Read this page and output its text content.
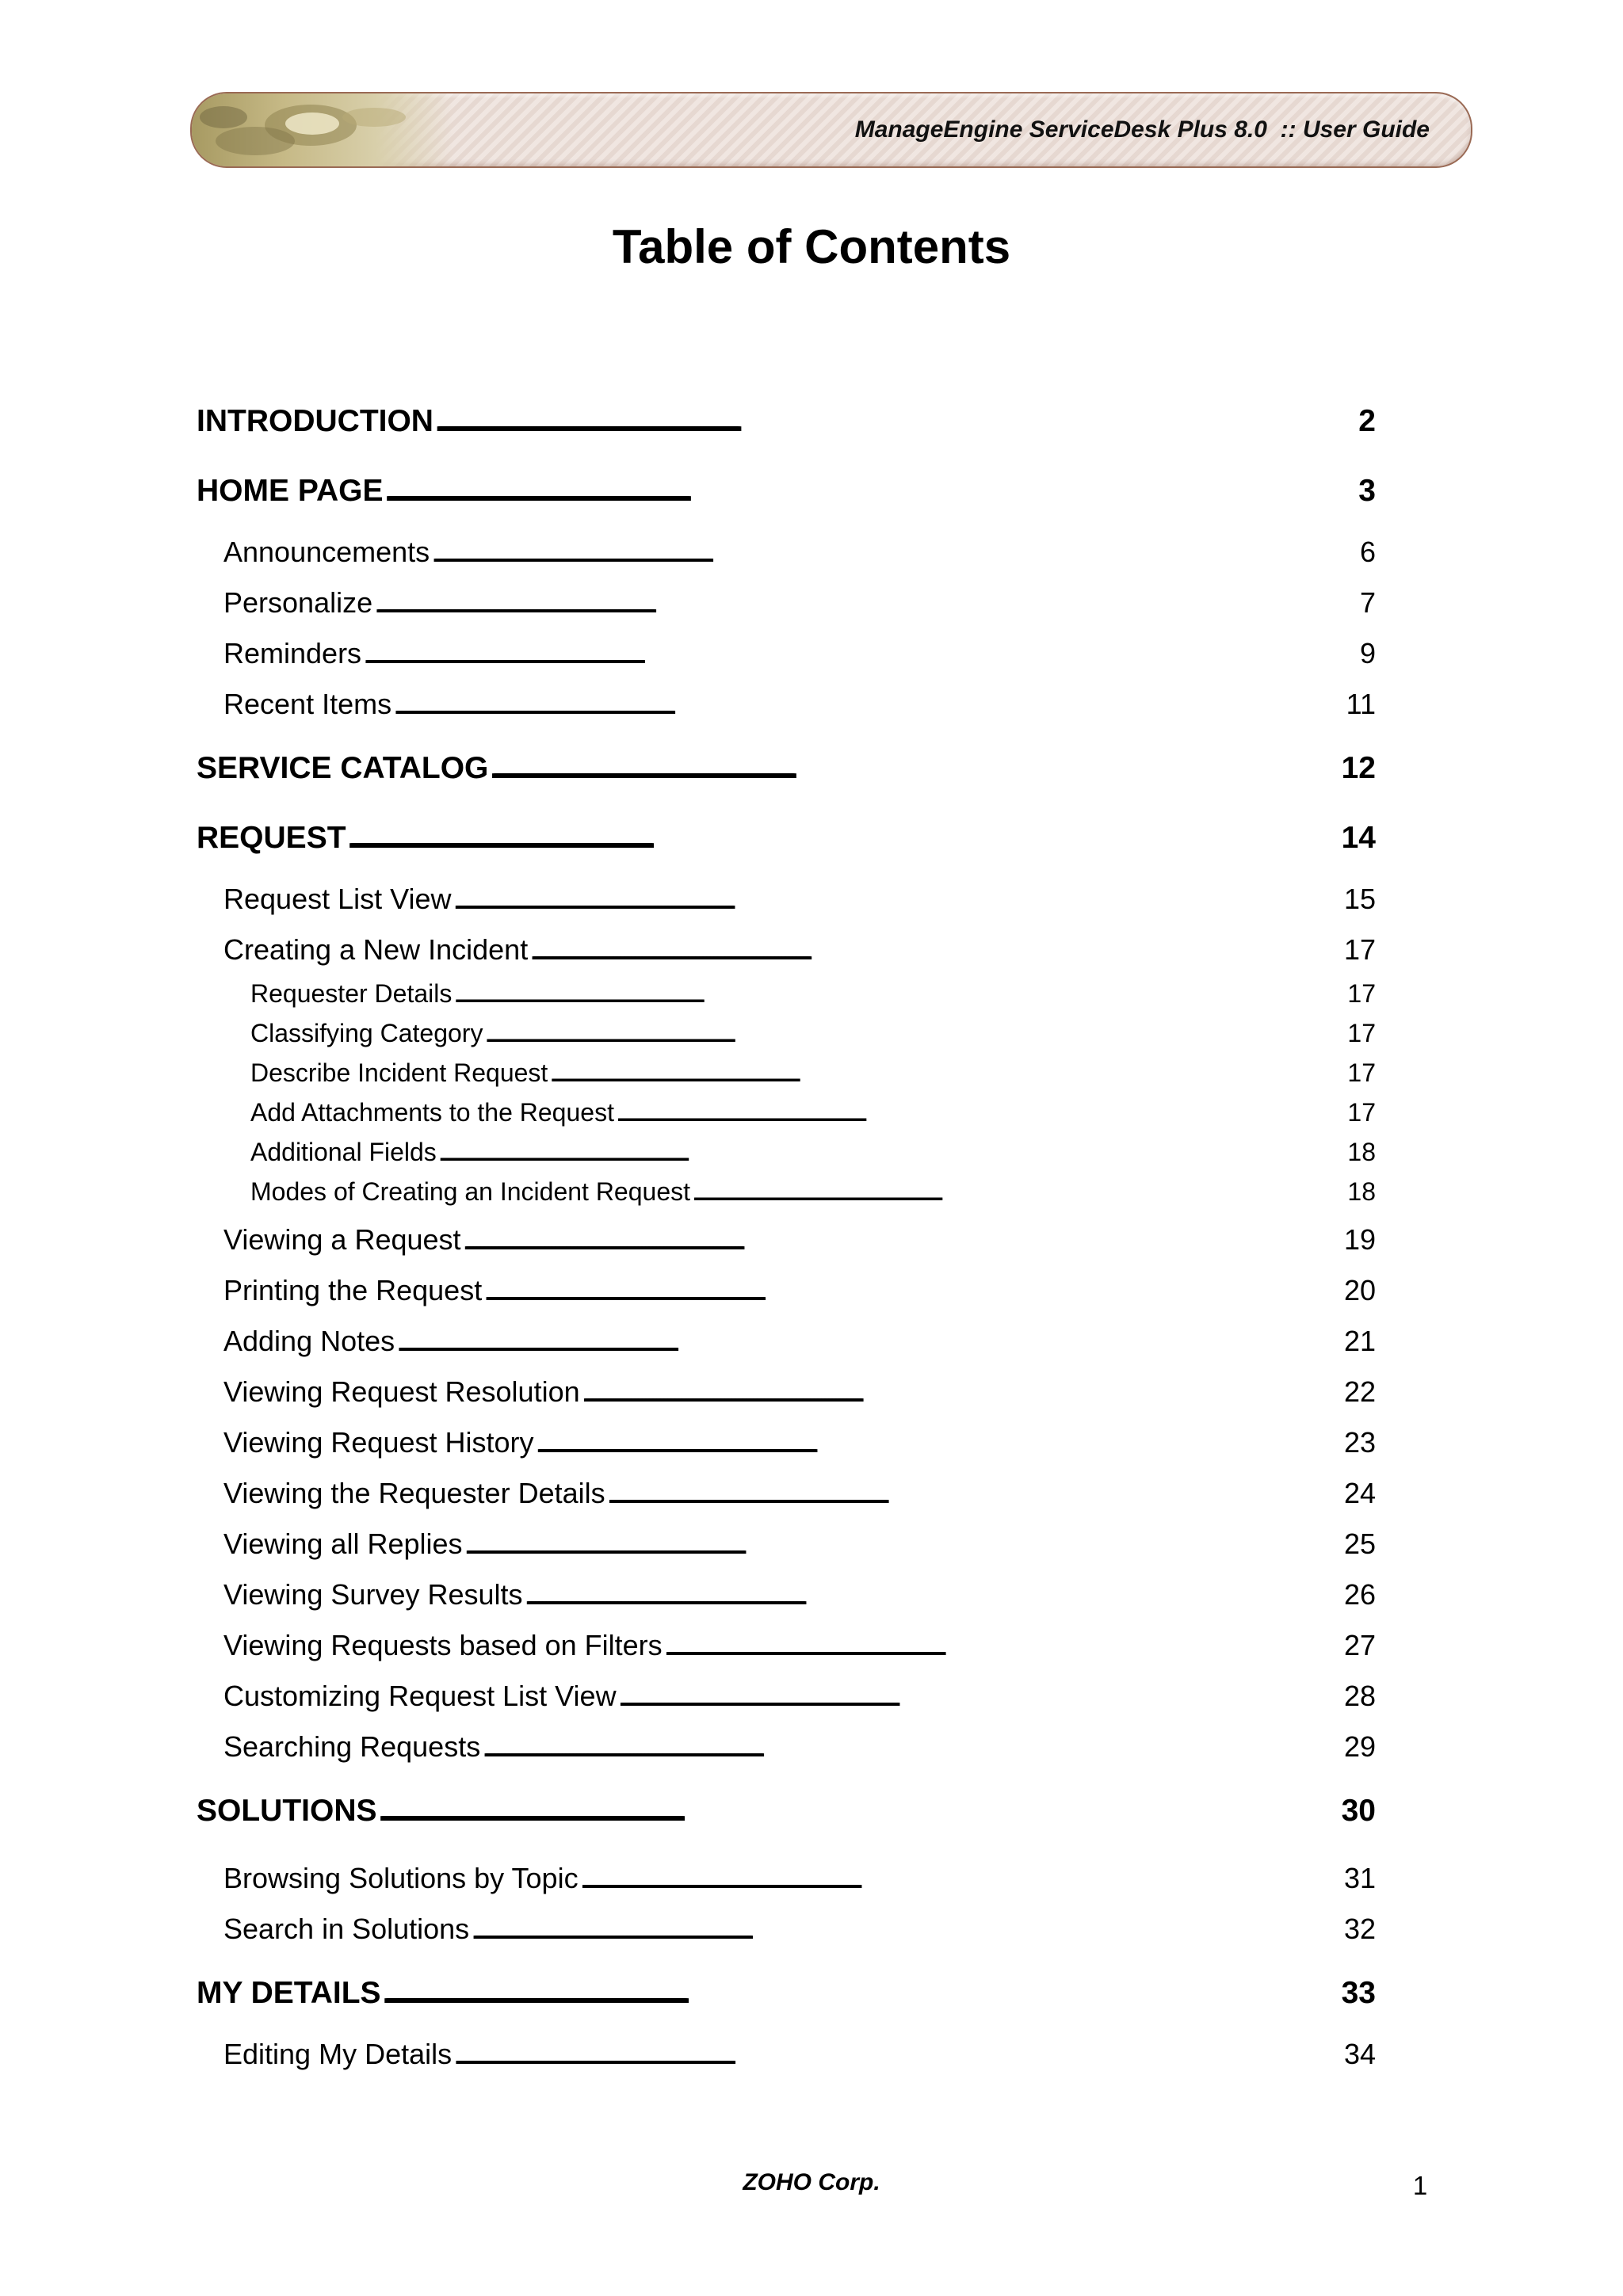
ManageEngine ServiceDesk Plus 8.0  :: User Guide
Table of Contents
INTRODUCTION . . .	2
HOME PAGE . . .	3
Announcements . . .	6
Personalize . . .	7
Reminders . . .	9
Recent Items . . .	11
SERVICE CATALOG . . .	12
REQUEST . . .	14
Request List View . . .	15
Creating a New Incident . . .	17
Requester Details . . .	17
Classifying Category . . .	17
Describe Incident Request . . .	17
Add Attachments to the Request . . .	17
Additional Fields . . .	18
Modes of Creating an Incident Request . . .	18
Viewing a Request . . .	19
Printing the Request . . .	20
Adding Notes . . .	21
Viewing Request Resolution . . .	22
Viewing Request History . . .	23
Viewing the Requester Details . . .	24
Viewing all Replies . . .	25
Viewing Survey Results . . .	26
Viewing Requests based on Filters . . .	27
Customizing Request List View . . .	28
Searching Requests . . .	29
SOLUTIONS . . .	30
Browsing Solutions by Topic . . .	31
Search in Solutions . . .	32
MY DETAILS . . .	33
Editing My Details . . .	34
ZOHO Corp.	1
